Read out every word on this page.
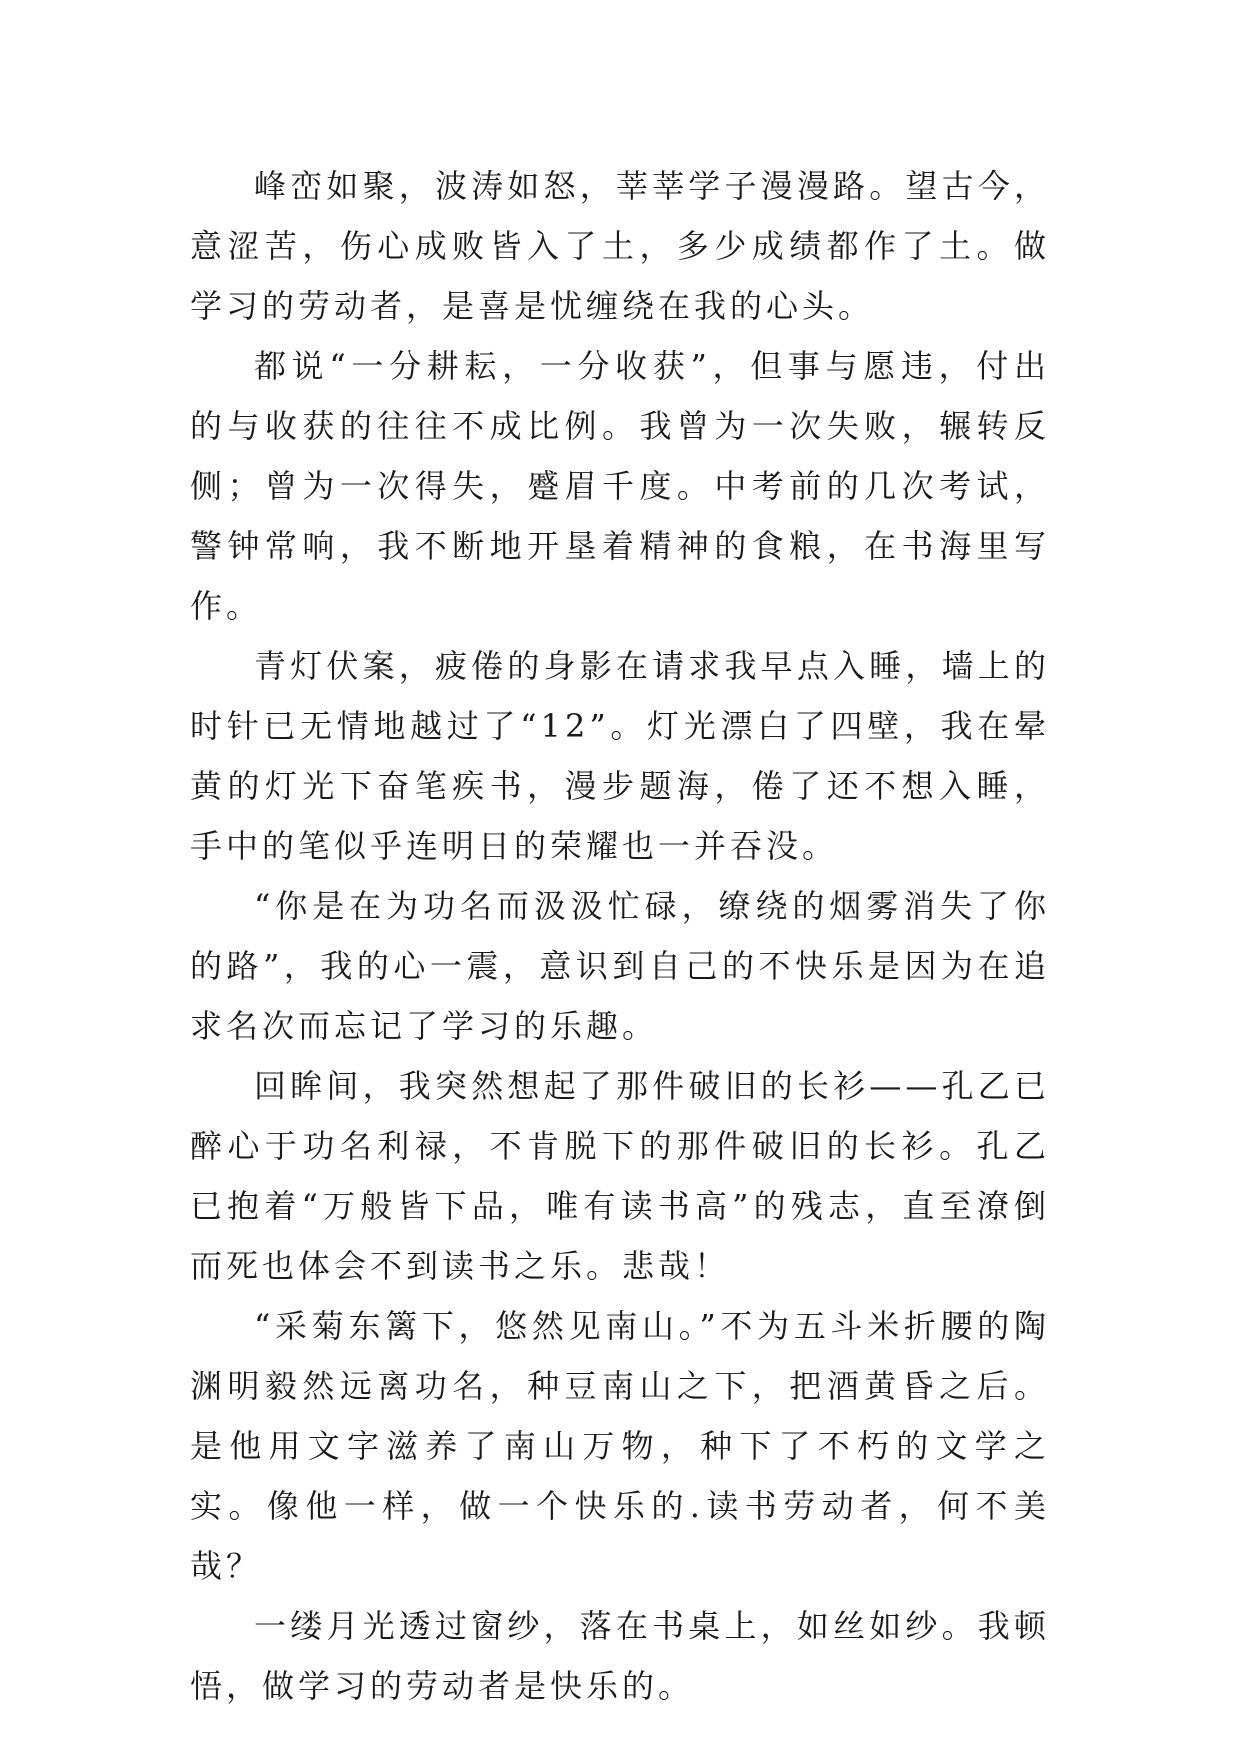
峰峦如聚，波涛如怒，莘莘学子漫漫路。望古今，意涩苦，伤心成败皆入了土，多少成绩都作了土。做学习的劳动者，是喜是忧缠绕在我的心头。

都说“一分耕耘，一分收获”，但事与愿违，付出的与收获的往往不成比例。我曾为一次失败，辗转反侧；曾为一次得失，蹙眉千度。中考前的几次考试，警钟常响，我不断地开垦着精神的食粮，在书海里写作。

青灯伏案，疲倦的身影在请求我早点入睡，墙上的时针已无情地越过了“12”。灯光漂白了四壁，我在晕黄的灯光下奋笔疾书，漫步题海，倦了还不想入睡，手中的笔似乎连明日的荣耀也一并吞没。

“你是在为功名而汲汲忙碌，缭绕的烟雾消失了你的路”，我的心一震，意识到自己的不快乐是因为在追求名次而忘记了学习的乐趣。

回眸间，我突然想起了那件破旧的长衫——孔乙已醉心于功名利禄，不肯脱下的那件破旧的长衫。孔乙已抱着“万般皆下品，唯有读书高”的残志，直至潦倒而死也体会不到读书之乐。悲哉！

“采菊东篱下，悠然见南山。”不为五斗米折腰的陶渊明毅然远离功名，种豆南山之下，把酒黄昏之后。是他用文字滋养了南山万物，种下了不朽的文学之实。像他一样，做一个快乐的.读书劳动者，何不美哉？

一缕月光透过窗纱，落在书桌上，如丝如纱。我顿悟，做学习的劳动者是快乐的。
